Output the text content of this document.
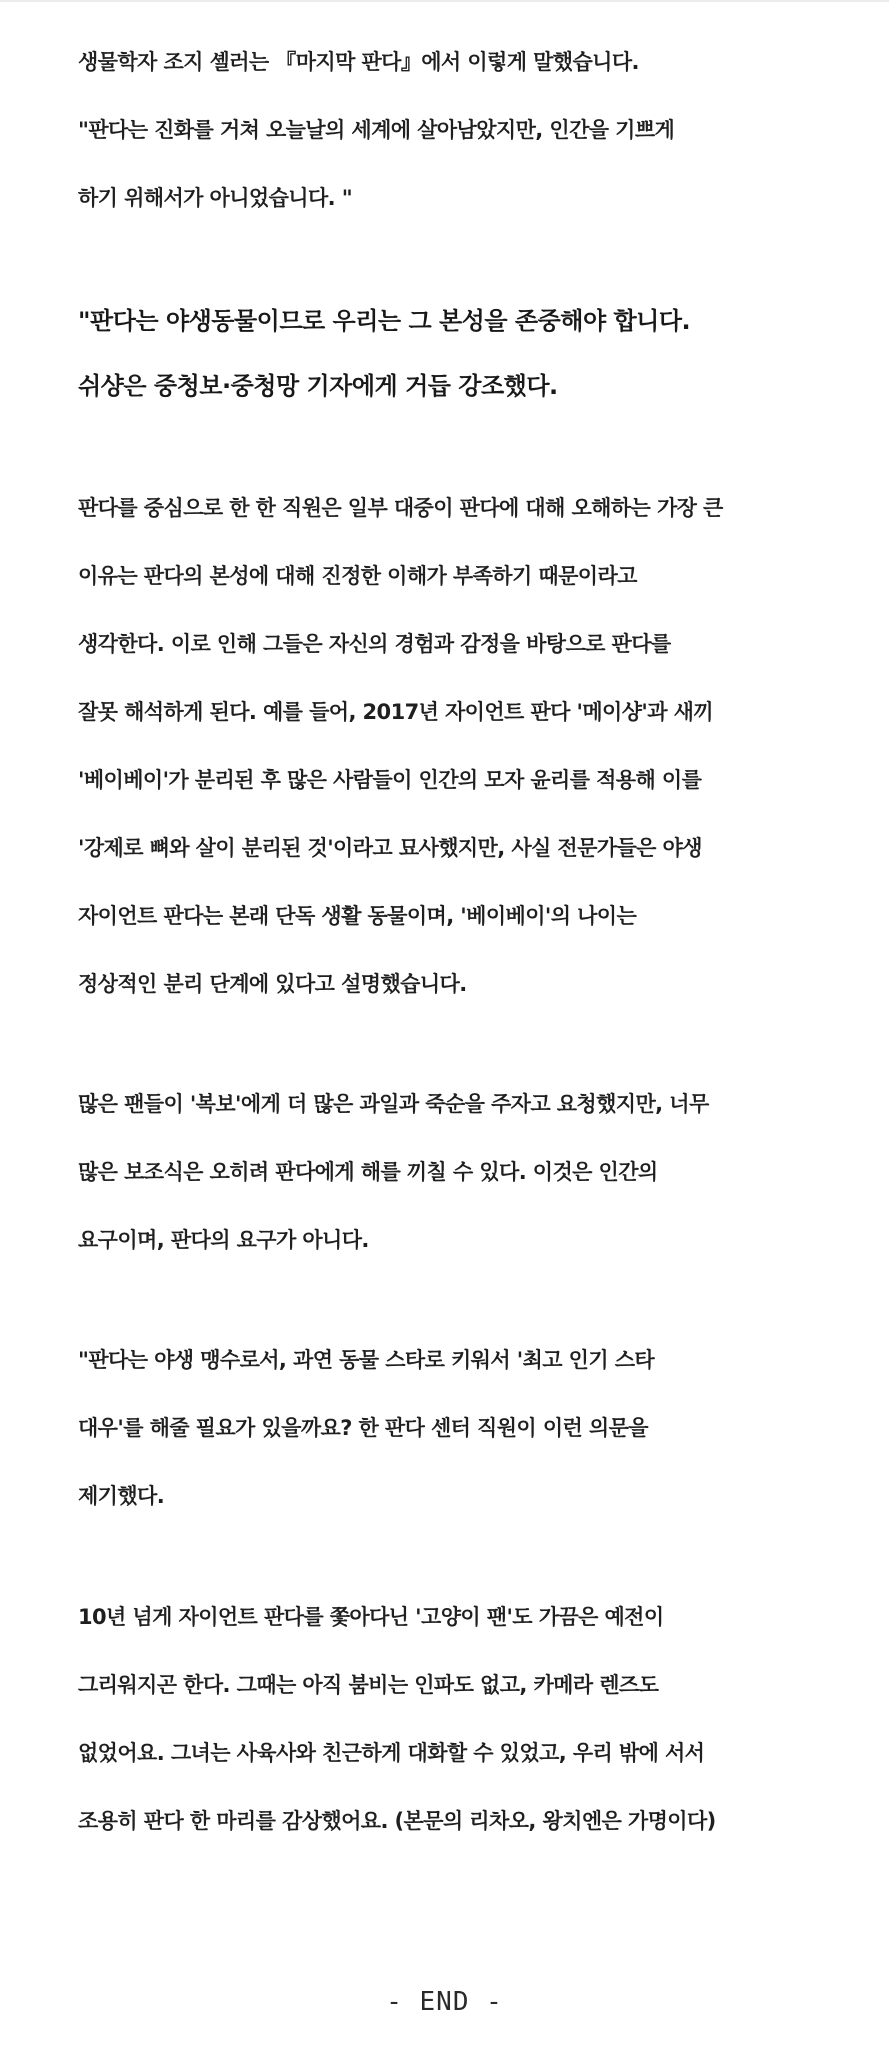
생물학자 조지 셸러는 『마지막 판다』에서 이렇게 말했습니다.
"판다는 진화를 거쳐 오늘날의 세계에 살아남았지만, 인간을 기쁘게
하기 위해서가 아니었습니다. "
"판다는 야생동물이므로 우리는 그 본성을 존중해야 합니다.
쉬샹은 중청보·중청망 기자에게 거듭 강조했다.
판다를 중심으로 한 한 직원은 일부 대중이 판다에 대해 오해하는 가장 큰
이유는 판다의 본성에 대해 진정한 이해가 부족하기 때문이라고
생각한다. 이로 인해 그들은 자신의 경험과 감정을 바탕으로 판다를
잘못 해석하게 된다. 예를 들어, 2017년 자이언트 판다 '메이샹'과 새끼
'베이베이'가 분리된 후 많은 사람들이 인간의 모자 윤리를 적용해 이를
'강제로 뼈와 살이 분리된 것'이라고 묘사했지만, 사실 전문가들은 야생
자이언트 판다는 본래 단독 생활 동물이며, '베이베이'의 나이는
정상적인 분리 단계에 있다고 설명했습니다.
많은 팬들이 '복보'에게 더 많은 과일과 죽순을 주자고 요청했지만, 너무
많은 보조식은 오히려 판다에게 해를 끼칠 수 있다. 이것은 인간의
요구이며, 판다의 요구가 아니다.
"판다는 야생 맹수로서, 과연 동물 스타로 키워서 '최고 인기 스타
대우'를 해줄 필요가 있을까요? 한 판다 센터 직원이 이런 의문을
제기했다.
10년 넘게 자이언트 판다를 쫓아다닌 '고양이 팬'도 가끔은 예전이
그리워지곤 한다. 그때는 아직 붐비는 인파도 없고, 카메라 렌즈도
없었어요. 그녀는 사육사와 친근하게 대화할 수 있었고, 우리 밖에 서서
조용히 판다 한 마리를 감상했어요. (본문의 리차오, 왕치엔은 가명이다)
- END -
